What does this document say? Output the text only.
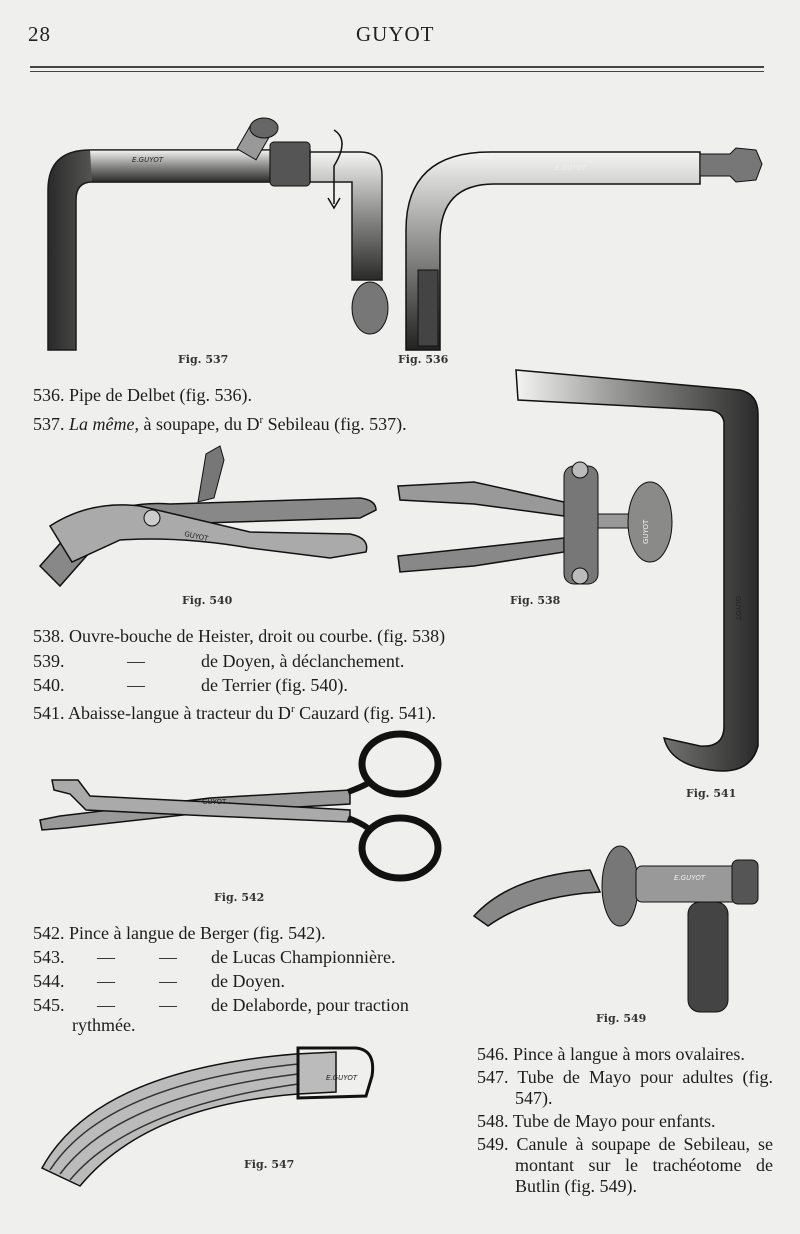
28	GUYOT
E.GUYOT
Fig. 537
E.GUYOT
Fig. 536
536. Pipe de Delbet (fig. 536).
537. La même, à soupape, du $D^r$ Sebileau (fig. 537).
GUYOT
Fig. 541
GUYOT
Fig. 540
GUYOT
Fig. 538
538. Ouvre-bouche de Heister, droit ou courbe. (fig. 538)
539.	—	de Doyen, à déclanchement.
540.	—	de Terrier (fig. 540).
541. Abaisse-langue à tracteur du $D^r$ Cauzard (fig. 541).
GUYOT
Fig. 542
E.GUYOT
Fig. 549
542. Pince à langue de Berger (fig. 542).
543. — — de Lucas Championnière.
544. — — de Doyen.
545. — — de Delaborde, pour traction
rythmée.
E.GUYOT
Fig. 547
546. Pince à langue à mors ovalaires.
547. Tube de Mayo pour adultes (fig. 547).
548. Tube de Mayo pour enfants.
549. Canule à soupape de Sebileau, se montant sur le trachéotome de Butlin (fig. 549).
